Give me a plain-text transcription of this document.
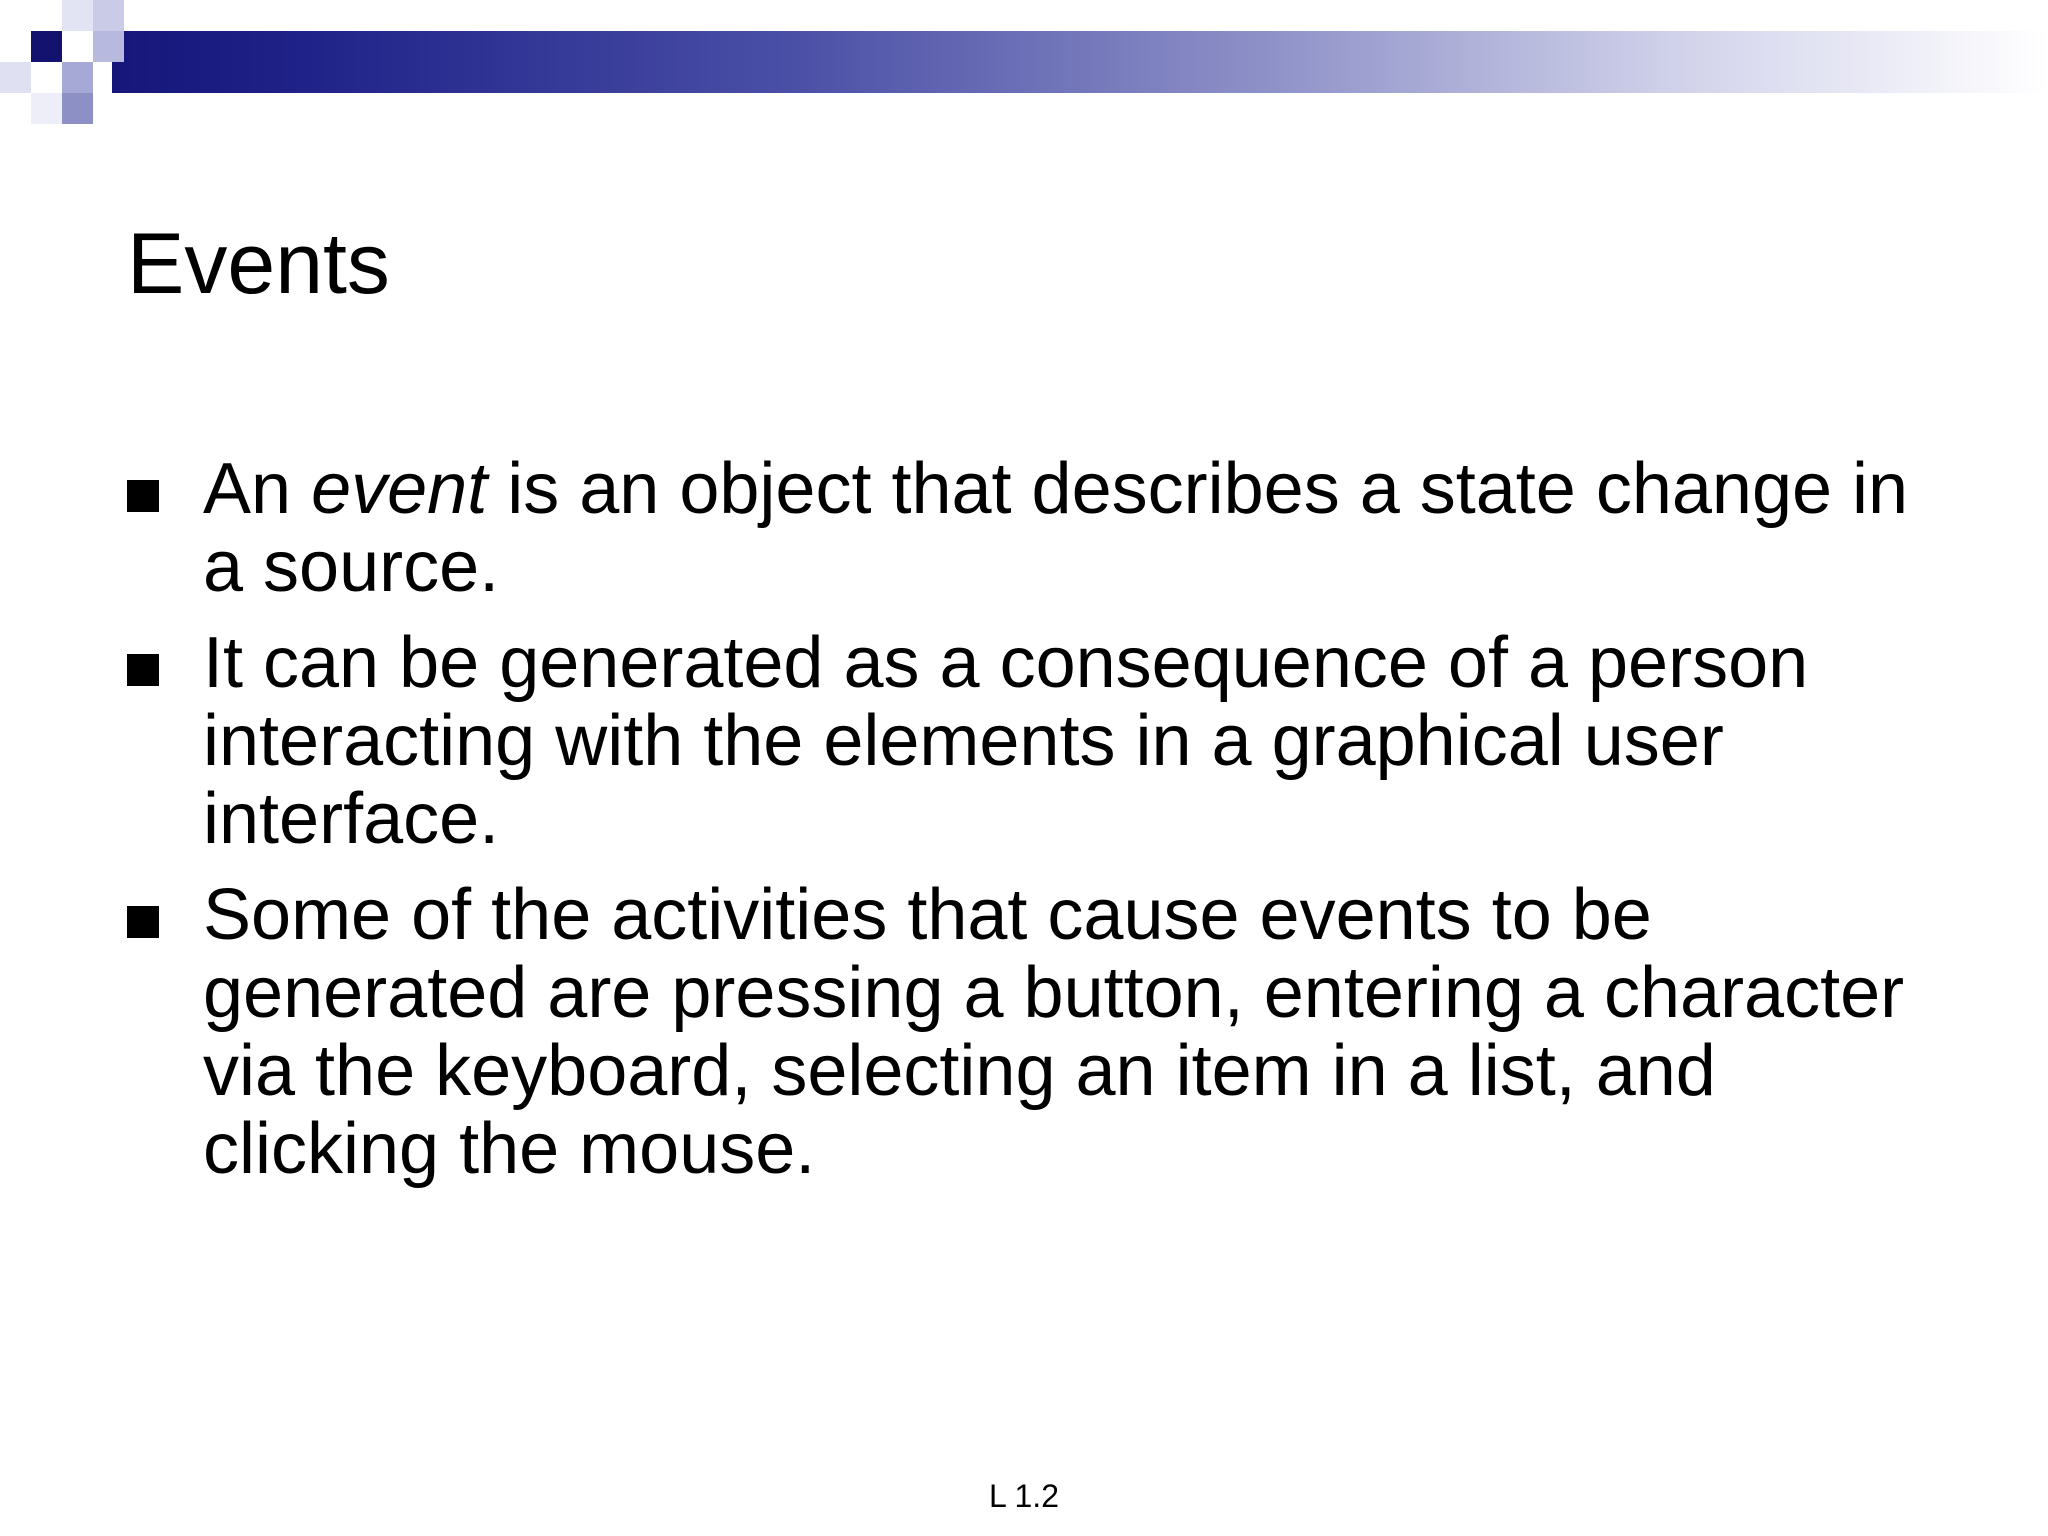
Events
An event is an object that describes a state change in a source.
It can be generated as a consequence of a person interacting with the elements in a graphical user interface.
Some of the activities that cause events to be generated are pressing a button, entering a character via the keyboard, selecting an item in a list, and clicking the mouse.
L 1.2
